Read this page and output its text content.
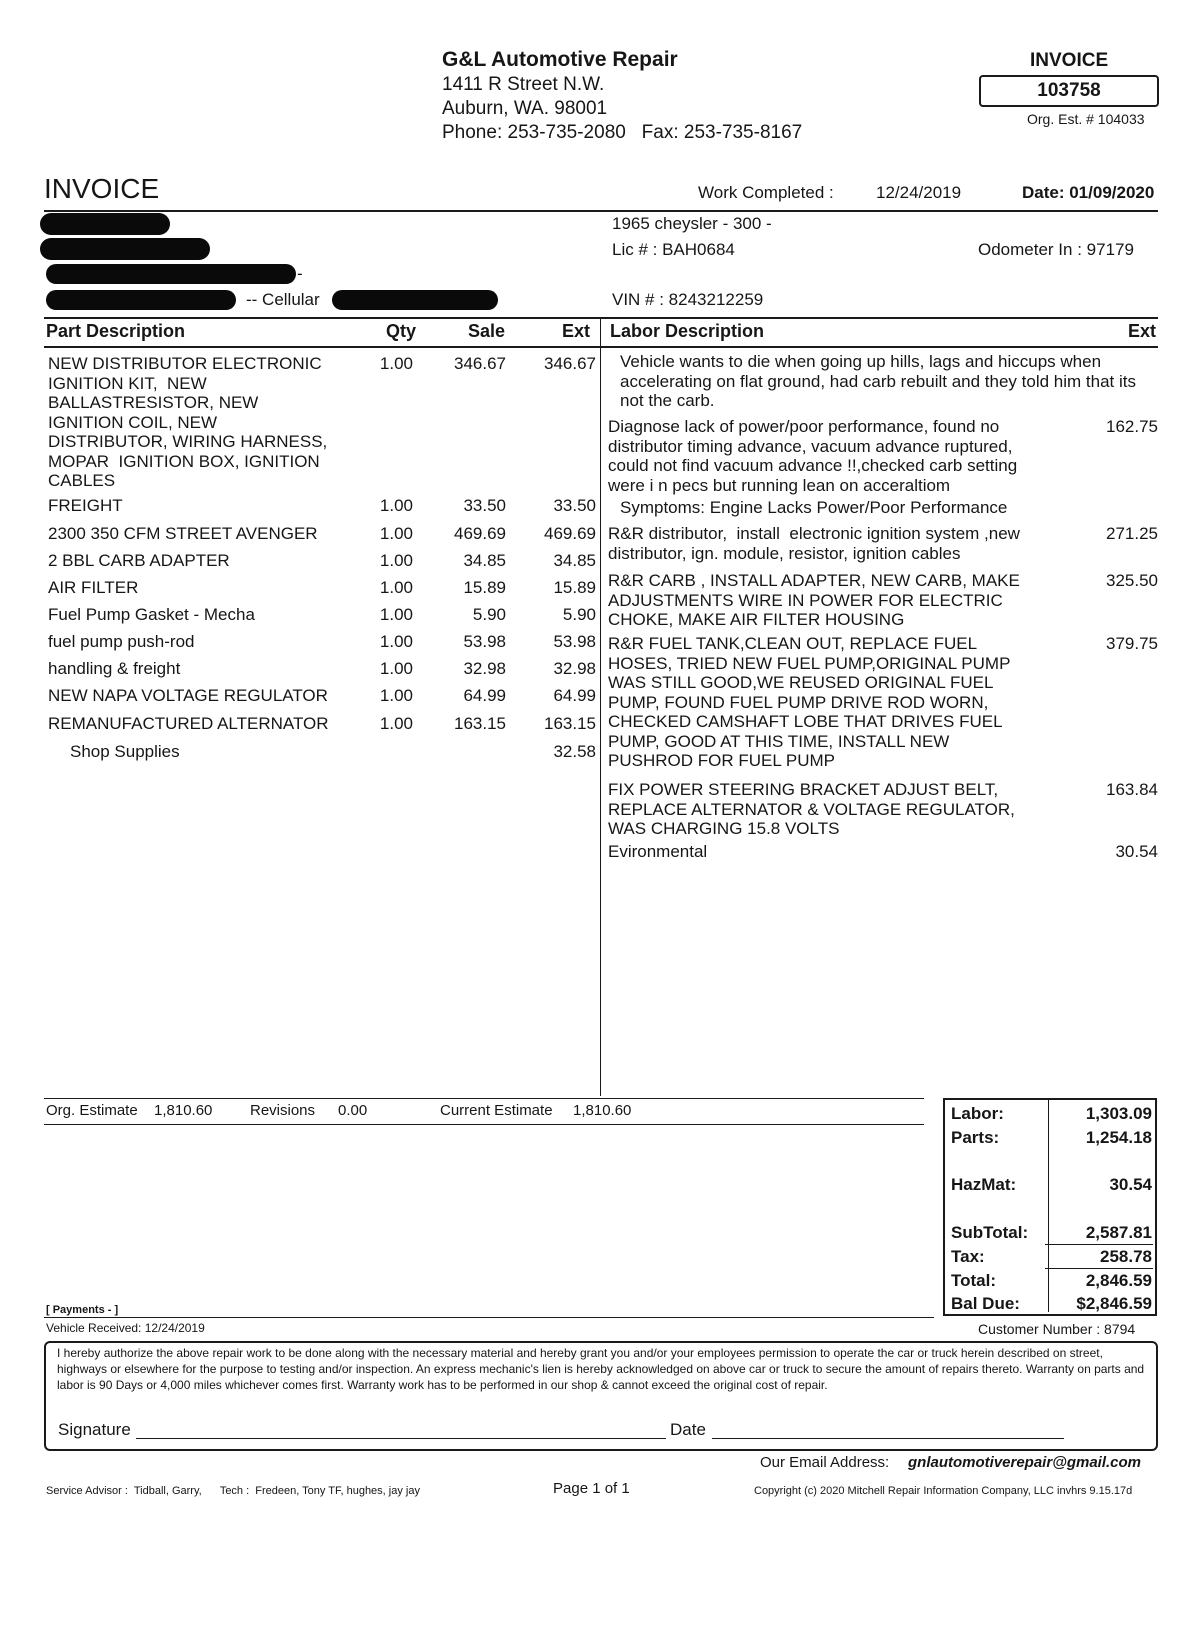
G&L Automotive Repair
1411 R Street N.W.
Auburn, WA. 98001
Phone: 253-735-2080   Fax: 253-735-8167
INVOICE
103758
Org. Est. # 104033
INVOICE	Work Completed : 12/24/2019	Date: 01/09/2020
-
-- Cellular
1965 cheysler - 300 -
Lic # : BAH0684	Odometer In : 97179
VIN # : 8243212259
Part Description	Qty	Sale	Ext Labor Description	Ext
NEW DISTRIBUTOR ELECTRONIC
IGNITION KIT,  NEW
BALLASTRESISTOR, NEW
IGNITION COIL, NEW
DISTRIBUTOR, WIRING HARNESS,
MOPAR  IGNITION BOX, IGNITION
CABLES
1.00 346.67 346.67
FREIGHT	1.00	33.50	33.50
2300 350 CFM STREET AVENGER	1.00 469.69 469.69
2 BBL CARB ADAPTER	1.00	34.85	34.85
AIR FILTER	1.00	15.89	15.89
Fuel Pump Gasket - Mecha	1.00	5.90	5.90
fuel pump push-rod	1.00	53.98	53.98
handling & freight	1.00	32.98	32.98
NEW NAPA VOLTAGE REGULATOR	1.00	64.99	64.99
REMANUFACTURED ALTERNATOR	1.00 163.15 163.15
Shop Supplies	32.58
Vehicle wants to die when going up hills, lags and hiccups when accelerating on flat ground, had carb rebuilt and they told him that its not the carb.
Diagnose lack of power/poor performance, found no
distributor timing advance, vacuum advance ruptured,
could not find vacuum advance !!,checked carb setting
were i n pecs but running lean on acceraltiom
162.75
R&R distributor,  install  electronic ignition system ,new
distributor, ign. module, resistor, ignition cables
271.25
R&R CARB , INSTALL ADAPTER, NEW CARB, MAKE
ADJUSTMENTS WIRE IN POWER FOR ELECTRIC
CHOKE, MAKE AIR FILTER HOUSING
325.50
R&R FUEL TANK,CLEAN OUT, REPLACE FUEL
HOSES, TRIED NEW FUEL PUMP,ORIGINAL PUMP
WAS STILL GOOD,WE REUSED ORIGINAL FUEL
PUMP, FOUND FUEL PUMP DRIVE ROD WORN,
CHECKED CAMSHAFT LOBE THAT DRIVES FUEL
PUMP, GOOD AT THIS TIME, INSTALL NEW
PUSHROD FOR FUEL PUMP
379.75
FIX POWER STEERING BRACKET ADJUST BELT,
REPLACE ALTERNATOR & VOLTAGE REGULATOR,
WAS CHARGING 15.8 VOLTS
163.84
Evironmental	30.54
Symptoms: Engine Lacks Power/Poor Performance
Org. Estimate 1,810.60	Revisions 0.00	Current Estimate 1,810.60	Labor:	1,303.09
Parts:	1,254.18
HazMat:	30.54
SubTotal:	2,587.81
Tax:	258.78
Total:	2,846.59
Bal Due:	$2,846.59
[ Payments - ]
Vehicle Received: 12/24/2019	Customer Number : 8794
I hereby authorize the above repair work to be done along with the necessary material and hereby grant you and/or your employees permission to operate the car or truck herein described on street, highways or elsewhere for the purpose to testing and/or inspection. An express mechanic's lien is hereby acknowledged on above car or truck to secure the amount of repairs thereto. Warranty on parts and labor is 90 Days or 4,000 miles whichever comes first. Warranty work has to be performed in our shop & cannot exceed the original cost of repair.
Signature	Date
Our Email Address: gnlautomotiverepair@gmail.com
Service Advisor :  Tidball, Garry,      Tech :  Fredeen, Tony TF, hughes, jay jay	Page 1 of 1	Copyright (c) 2020 Mitchell Repair Information Company, LLC invhrs 9.15.17d
